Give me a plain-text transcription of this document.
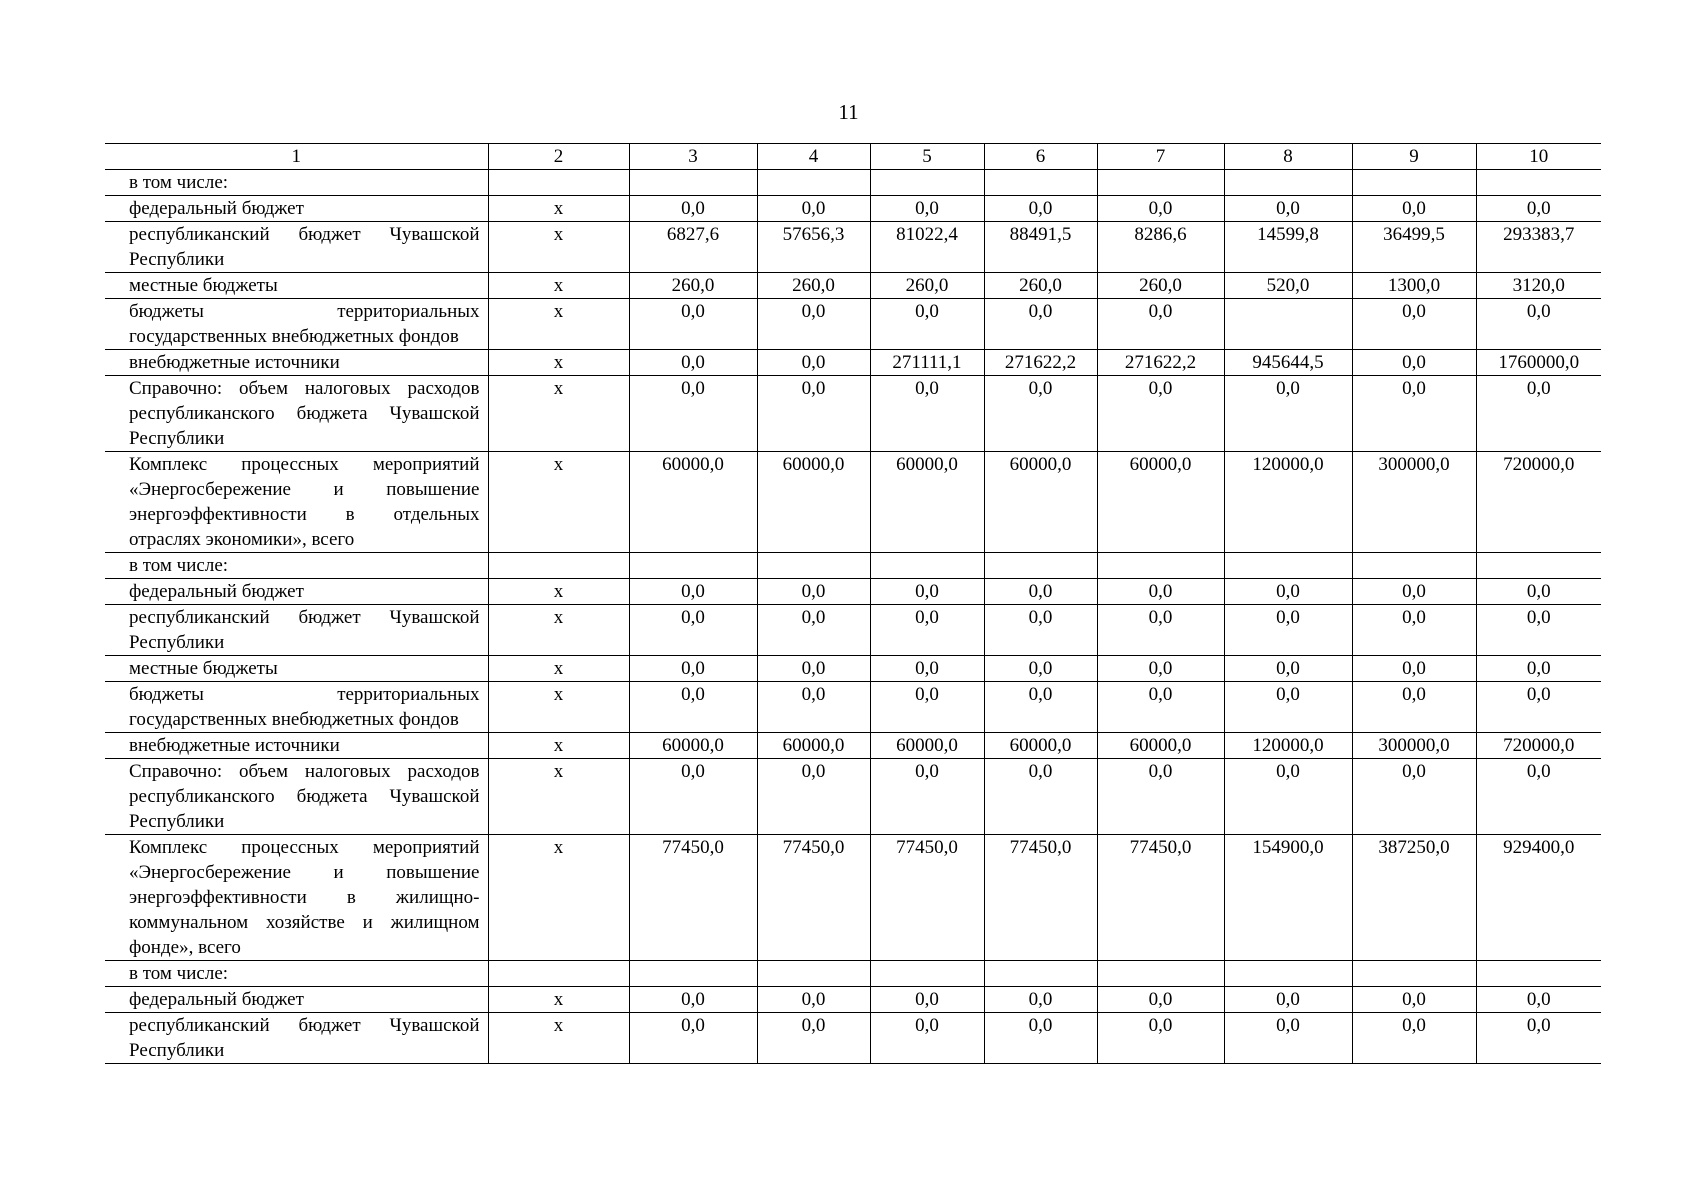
11
1	2	3	4	5	6	7	8	9	10
в том числе:									
федеральный бюджет	x	0,0	0,0	0,0	0,0	0,0	0,0	0,0	0,0
республиканский бюджет Чувашской Республики	x	6827,6	57656,3	81022,4	88491,5	8286,6	14599,8	36499,5	293383,7
местные бюджеты	x	260,0	260,0	260,0	260,0	260,0	520,0	1300,0	3120,0
бюджеты территориальных государственных внебюджетных фондов	x	0,0	0,0	0,0	0,0	0,0		0,0	0,0
внебюджетные источники	x	0,0	0,0	271111,1	271622,2	271622,2	945644,5	0,0	1760000,0
Справочно: объем налоговых расходов республиканского бюджета Чувашской Республики	x	0,0	0,0	0,0	0,0	0,0	0,0	0,0	0,0
Комплекс процессных мероприятий «Энергосбережение и повышение энергоэффективности в отдельных отраслях экономики», всего	x	60000,0	60000,0	60000,0	60000,0	60000,0	120000,0	300000,0	720000,0
в том числе:									
федеральный бюджет	x	0,0	0,0	0,0	0,0	0,0	0,0	0,0	0,0
республиканский бюджет Чувашской Республики	x	0,0	0,0	0,0	0,0	0,0	0,0	0,0	0,0
местные бюджеты	x	0,0	0,0	0,0	0,0	0,0	0,0	0,0	0,0
бюджеты территориальных государственных внебюджетных фондов	x	0,0	0,0	0,0	0,0	0,0	0,0	0,0	0,0
внебюджетные источники	x	60000,0	60000,0	60000,0	60000,0	60000,0	120000,0	300000,0	720000,0
Справочно: объем налоговых расходов республиканского бюджета Чувашской Республики	x	0,0	0,0	0,0	0,0	0,0	0,0	0,0	0,0
Комплекс процессных мероприятий «Энергосбережение и повышение энергоэффективности в жилищно-коммунальном хозяйстве и жилищном фонде», всего	x	77450,0	77450,0	77450,0	77450,0	77450,0	154900,0	387250,0	929400,0
в том числе:									
федеральный бюджет	x	0,0	0,0	0,0	0,0	0,0	0,0	0,0	0,0
республиканский бюджет Чувашской Республики	x	0,0	0,0	0,0	0,0	0,0	0,0	0,0	0,0
